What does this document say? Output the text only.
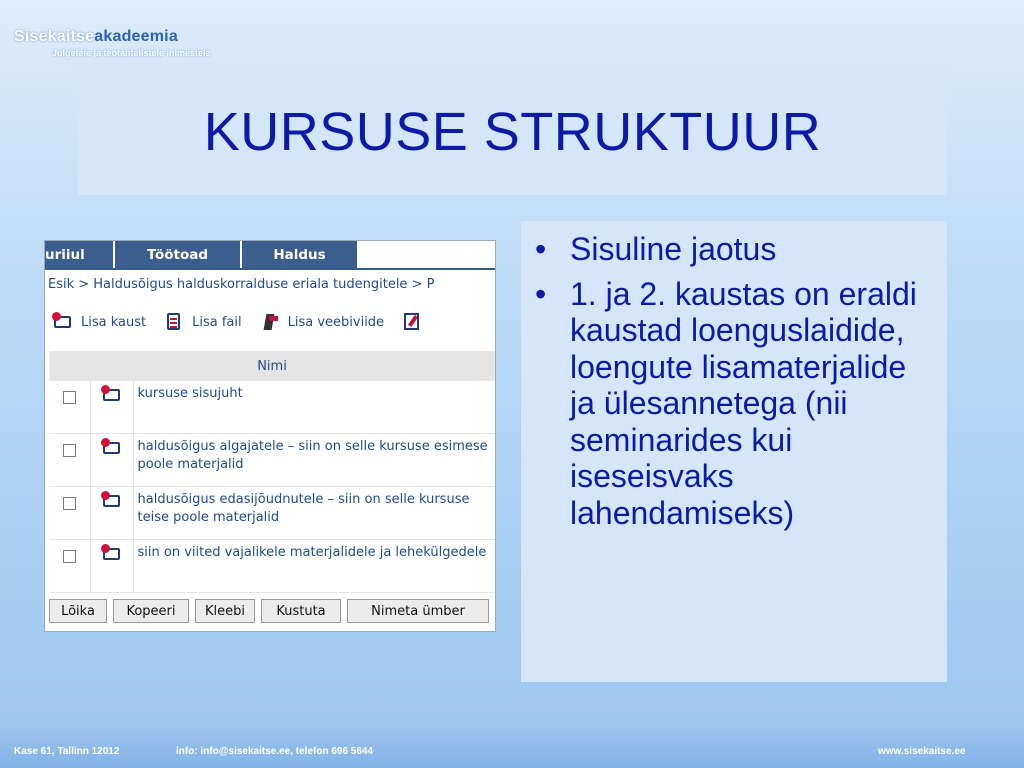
Sisekaitseakadeemia
Julgetele ja teotahtelistele inimestele
KURSUSE STRUKTUUR
uriiul	Töötoad	Haldus
Esik > Haldusõigus halduskorralduse eriala tudengitele > P
Lisa kaust	Lisa fail	Lisa veebiviide
Nimi		

	kursuse sisujuht

	haldusõigus algajatele – siin on selle kursuse esimese poole materjalid

	haldusõigus edasijõudnutele – siin on selle kursuse teise poole materjalid

	siin on viited vajalikele materjalidele ja lehekülgedele
Lõika	Kopeeri	Kleebi	Kustuta	Nimeta ümber
• Sisuline jaotus
• 1. ja 2. kaustas on eraldi kaustad loenguslaidide, loengute lisamaterjalide ja ülesannetega (nii seminarides kui iseseisvaks lahendamiseks)
Kase 61, Tallinn 12012	info: info@sisekaitse.ee, telefon 696 5644	www.sisekaitse.ee
